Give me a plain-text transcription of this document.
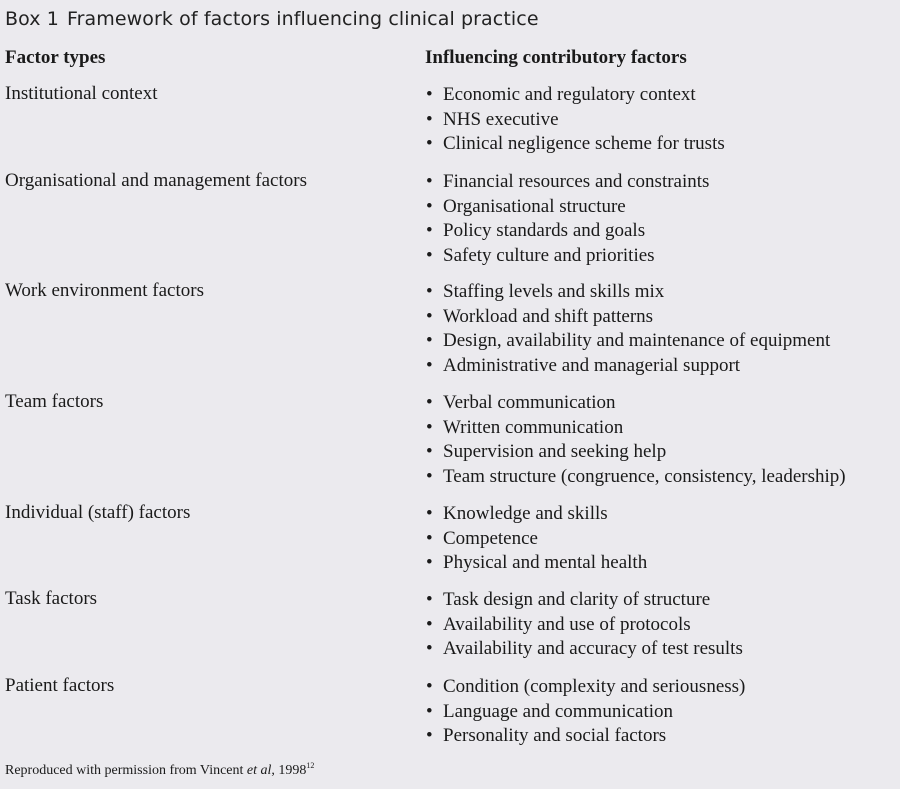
Box 1 Framework of factors influencing clinical practice
Factor types	Influencing contributory factors
Institutional context	• Economic and regulatory context
• NHS executive
• Clinical negligence scheme for trusts
Organisational and management factors	• Financial resources and constraints
• Organisational structure
• Policy standards and goals
• Safety culture and priorities
Work environment factors	• Staffing levels and skills mix
• Workload and shift patterns
• Design, availability and maintenance of equipment
• Administrative and managerial support
Team factors	• Verbal communication
• Written communication
• Supervision and seeking help
• Team structure (congruence, consistency, leadership)
Individual (staff) factors	• Knowledge and skills
• Competence
• Physical and mental health
Task factors	• Task design and clarity of structure
• Availability and use of protocols
• Availability and accuracy of test results
Patient factors	• Condition (complexity and seriousness)
• Language and communication
• Personality and social factors
Reproduced with permission from Vincent et al, 1998$^{12}$
